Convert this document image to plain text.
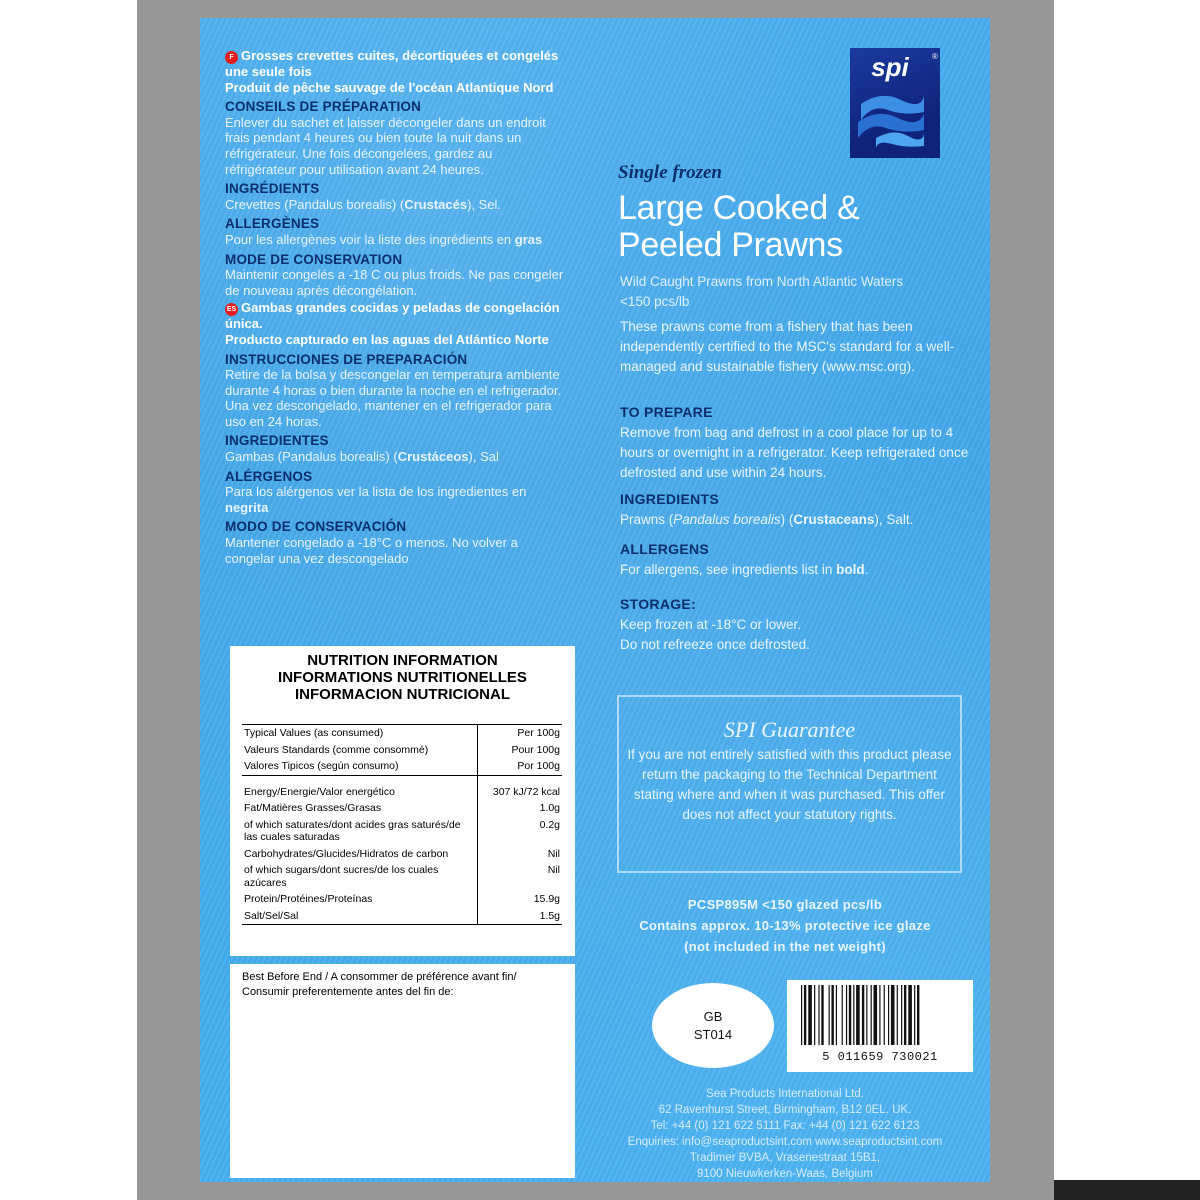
F Grosses crevettes cuites, décortiquées et congelés une seule fois
Produit de pêche sauvage de l'océan Atlantique Nord
CONSEILS DE PRÉPARATION
Enlever du sachet et laisser décongeler dans un endroit frais pendant 4 heures ou bien toute la nuit dans un réfrigérateur. Une fois décongelées, gardez au réfrigérateur pour utilisation avant 24 heures.
INGRÉDIENTS
Crevettes (Pandalus borealis) (Crustacés), Sel.
ALLERGÈNES
Pour les allergènes voir la liste des ingrédients en gras
MODE DE CONSERVATION
Maintenir congelés a -18 C ou plus froids. Ne pas congeler de nouveau après décongélation.
ES Gambas grandes cocidas y peladas de congelación única.
Producto capturado en las aguas del Atlántico Norte
INSTRUCCIONES DE PREPARACIÓN
Retire de la bolsa y descongelar en temperatura ambiente durante 4 horas o bien durante la noche en el refrigerador. Una vez descongelado, mantener en el refrigerador para uso en 24 horas.
INGREDIENTES
Gambas (Pandalus borealis) (Crustáceos), Sal
ALÉRGENOS
Para los alérgenos ver la lista de los ingredientes en negrita
MODO DE CONSERVACIÓN
Mantener congelado a -18°C o menos. No volver a congelar una vez descongelado
spi	®
Single frozen
Large Cooked & Peeled Prawns
Wild Caught Prawns from North Atlantic Waters <150 pcs/lb
These prawns come from a fishery that has been independently certified to the MSC's standard for a well-managed and sustainable fishery (www.msc.org).
TO PREPARE
Remove from bag and defrost in a cool place for up to 4 hours or overnight in a refrigerator. Keep refrigerated once defrosted and use within 24 hours.
INGREDIENTS
Prawns (Pandalus borealis) (Crustaceans), Salt.
ALLERGENS
For allergens, see ingredients list in bold.
STORAGE:
Keep frozen at -18°C or lower.
Do not refreeze once defrosted.
SPI Guarantee
If you are not entirely satisfied with this product please return the packaging to the Technical Department stating where and when it was purchased. This offer does not affect your statutory rights.
PCSP895M <150 glazed pcs/lb
Contains approx. 10-13% protective ice glaze
(not included in the net weight)
GB
ST014
5 011659 730021
Sea Products International Ltd.
62 Ravenhurst Street, Birmingham, B12 0EL. UK.
Tel: +44 (0) 121 622 5111 Fax: +44 (0) 121 622 6123
Enquiries: info@seaproductsint.com www.seaproductsint.com
Tradimer BVBA, Vrasenestraat 15B1,
9100 Nieuwkerken-Waas, Belgium
NUTRITION INFORMATION
INFORMATIONS NUTRITIONELLES
INFORMACION NUTRICIONAL
Typical Values (as consumed)	Per 100g
Valeurs Standards (comme consommé)	Pour 100g
Valores Tipicos (según consumo)	Por 100g
Energy/Energie/Valor energético	307 kJ/72 kcal
Fat/Matières Grasses/Grasas	1.0g
of which saturates/dont acides gras saturés/de las cuales saturadas	0.2g
Carbohydrates/Glucides/Hidratos de carbon	Nil
of which sugars/dont sucres/de los cuales azúcares	Nil
Protein/Protéines/Proteínas	15.9g
Salt/Sel/Sal	1.5g
Best Before End / A consommer de préférence avant fin/
Consumir preferentemente antes del fin de:
